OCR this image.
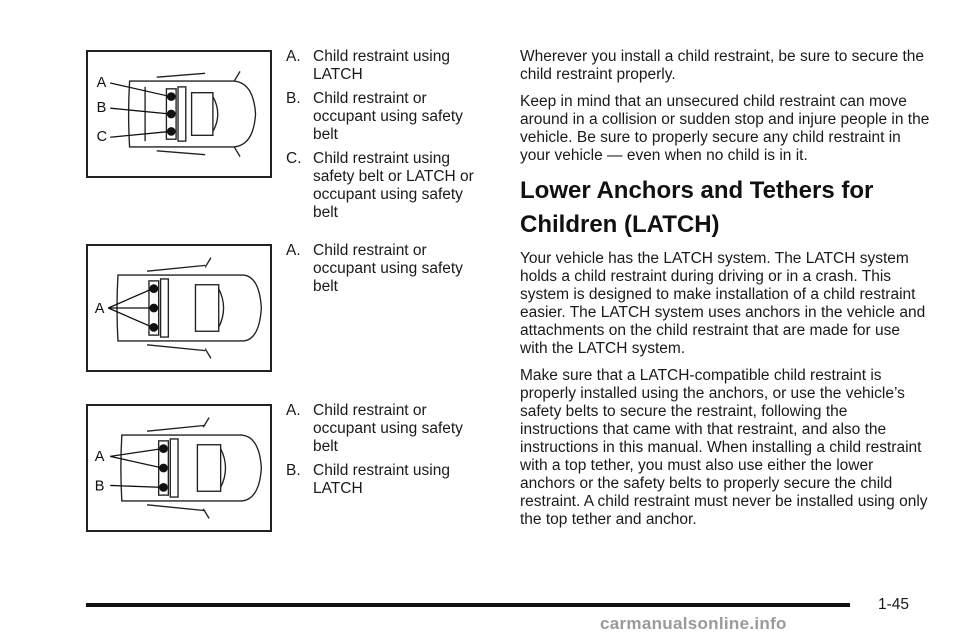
A
B
C
A
A
B
A. Child restraint using LATCH
B. Child restraint or occupant using safety belt
C. Child restraint using safety belt or LATCH or occupant using safety belt
A. Child restraint or occupant using safety belt
A. Child restraint or occupant using safety belt
B. Child restraint using LATCH

Wherever you install a child restraint, be sure to secure the child restraint properly.

Keep in mind that an unsecured child restraint can move around in a collision or sudden stop and injure people in the vehicle. Be sure to properly secure any child restraint in your vehicle — even when no child is in it.

Lower Anchors and Tethers for Children (LATCH)

Your vehicle has the LATCH system. The LATCH system holds a child restraint during driving or in a crash. This system is designed to make installation of a child restraint easier. The LATCH system uses anchors in the vehicle and attachments on the child restraint that are made for use with the LATCH system.

Make sure that a LATCH-compatible child restraint is properly installed using the anchors, or use the vehicle’s safety belts to secure the restraint, following the instructions that came with that restraint, and also the instructions in this manual. When installing a child restraint with a top tether, you must also use either the lower anchors or the safety belts to properly secure the child restraint. A child restraint must never be installed using only the top tether and anchor.

1-45
carmanualsonline.info
